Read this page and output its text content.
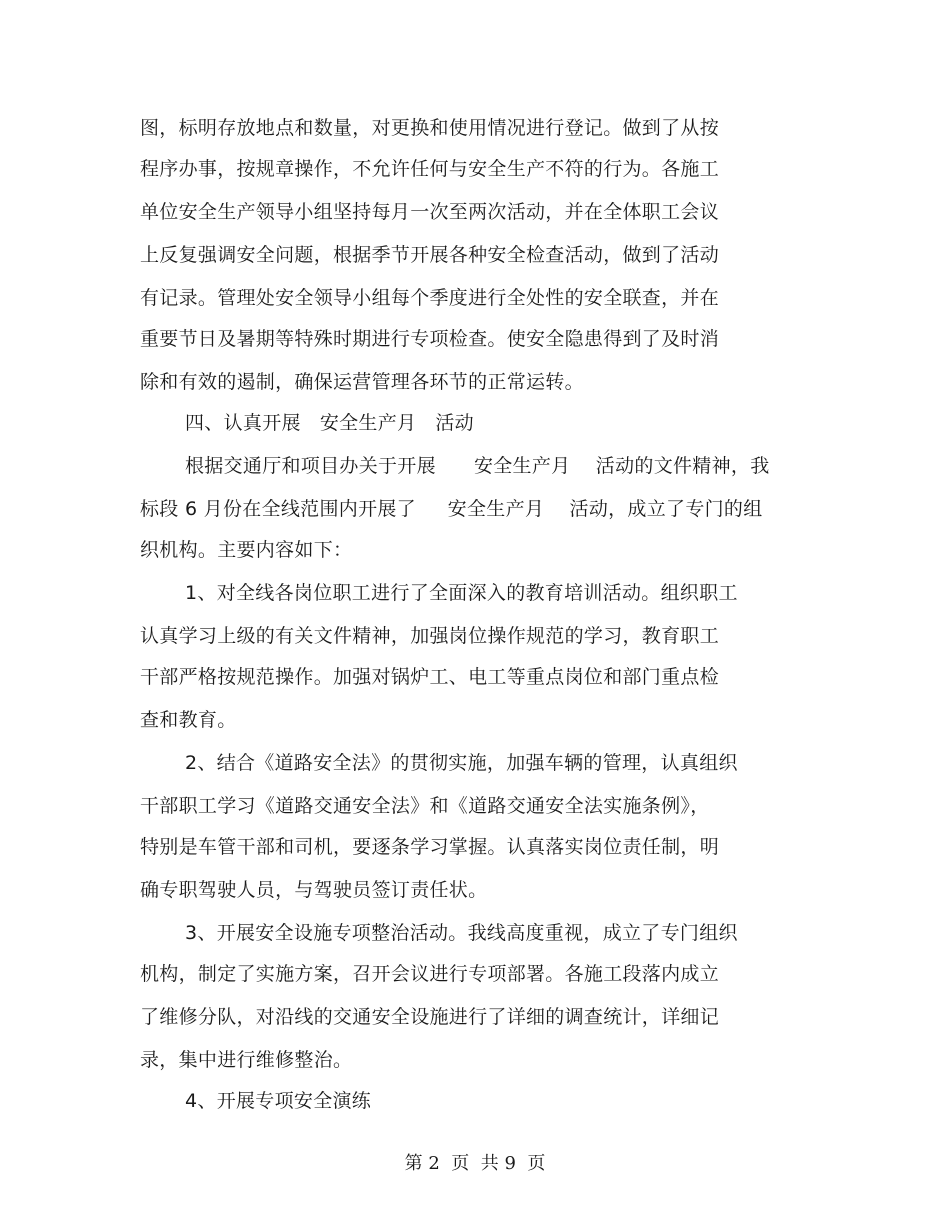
图，标明存放地点和数量，对更换和使用情况进行登记。做到了从按
程序办事，按规章操作，不允许任何与安全生产不符的行为。各施工
单位安全生产领导小组坚持每月一次至两次活动，并在全体职工会议
上反复强调安全问题，根据季节开展各种安全检查活动，做到了活动
有记录。管理处安全领导小组每个季度进行全处性的安全联查，并在
重要节日及暑期等特殊时期进行专项检查。使安全隐患得到了及时消
除和有效的遏制，确保运营管理各环节的正常运转。
四、认真开展   安全生产月   活动
根据交通厅和项目办关于开展      安全生产月    活动的文件精神，我
标段 6 月份在全线范围内开展了     安全生产月    活动，成立了专门的组
织机构。主要内容如下：
1、对全线各岗位职工进行了全面深入的教育培训活动。组织职工
认真学习上级的有关文件精神，加强岗位操作规范的学习，教育职工
干部严格按规范操作。加强对锅炉工、电工等重点岗位和部门重点检
查和教育。
2、结合《道路安全法》的贯彻实施，加强车辆的管理，认真组织
干部职工学习《道路交通安全法》和《道路交通安全法实施条例》，
特别是车管干部和司机，要逐条学习掌握。认真落实岗位责任制，明
确专职驾驶人员，与驾驶员签订责任状。
3、开展安全设施专项整治活动。我线高度重视，成立了专门组织
机构，制定了实施方案，召开会议进行专项部署。各施工段落内成立
了维修分队，对沿线的交通安全设施进行了详细的调查统计，详细记
录，集中进行维修整治。
4、开展专项安全演练
第 2  页  共 9  页
